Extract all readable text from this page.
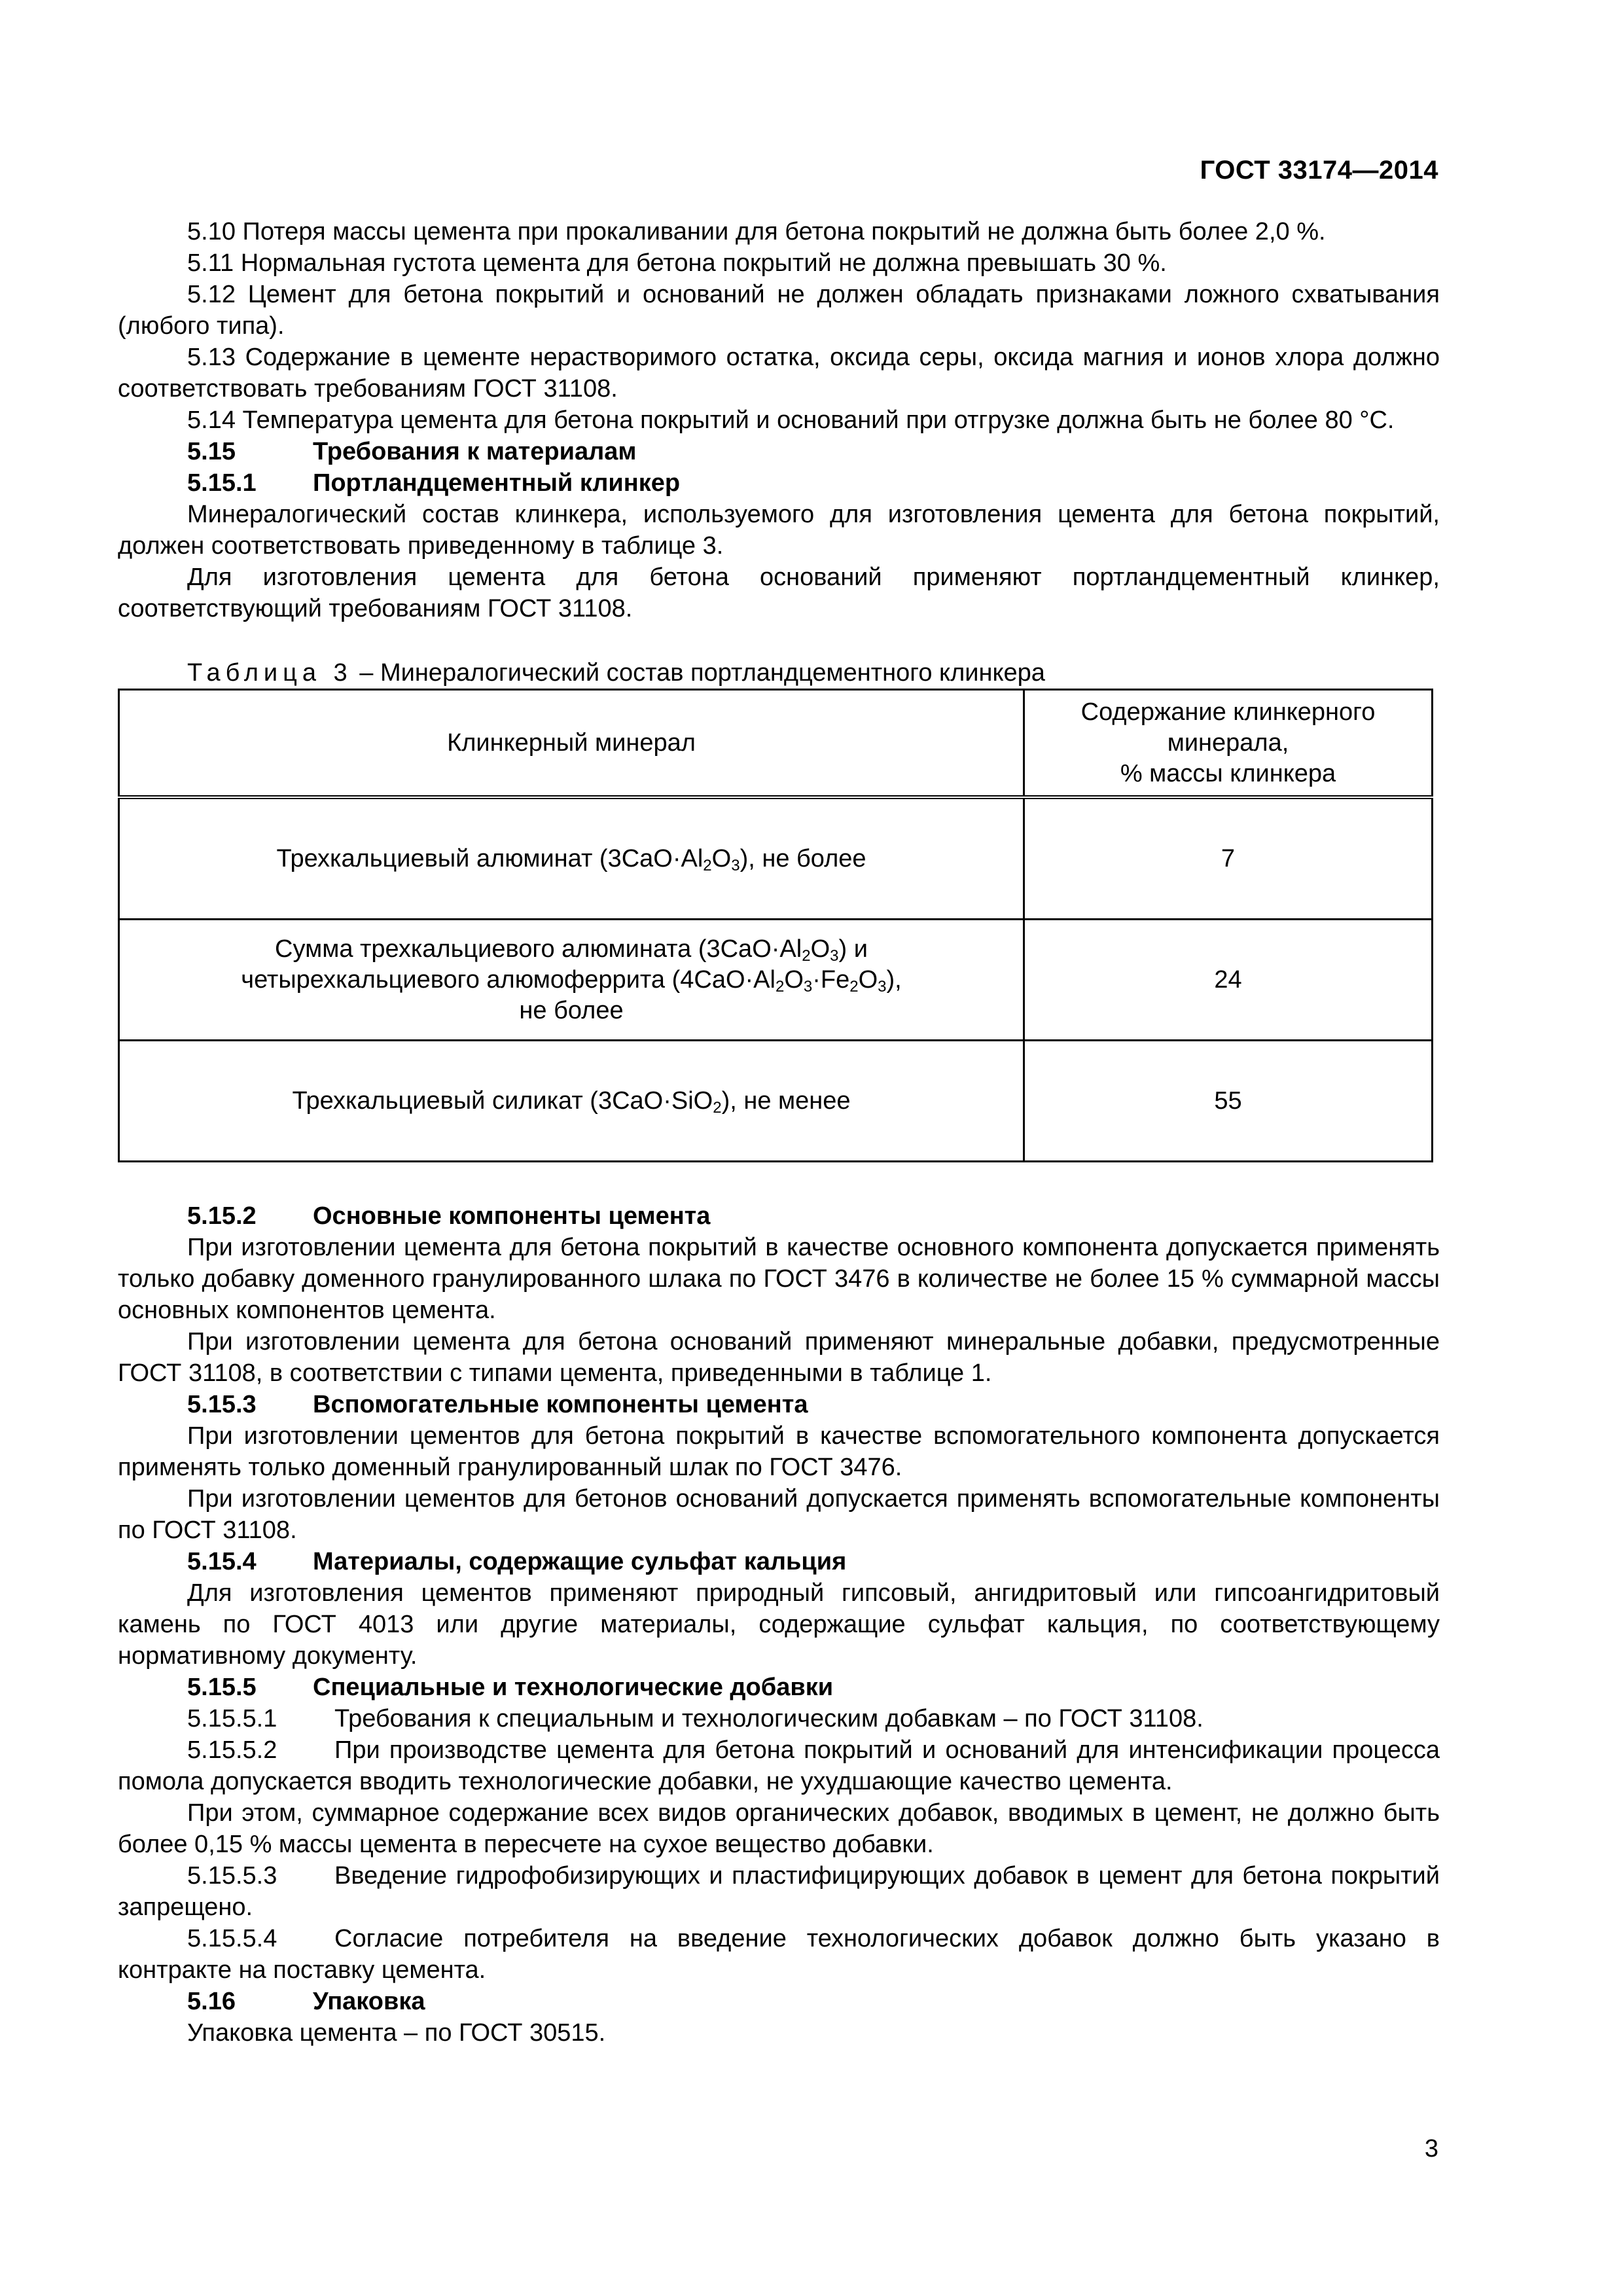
ГОСТ 33174—2014

5.10 Потеря массы цемента при прокаливании для бетона покрытий не должна быть более 2,0 %.

5.11 Нормальная густота цемента для бетона покрытий не должна превышать 30 %.

5.12 Цемент для бетона покрытий и оснований не должен обладать признаками ложного схватывания (любого типа).

5.13 Содержание в цементе нерастворимого остатка, оксида серы, оксида магния и ионов хлора должно соответствовать требованиям ГОСТ 31108.

5.14 Температура цемента для бетона покрытий и оснований при отгрузке должна быть не более 80 °С.

5.15	Требования к материалам
5.15.1	Портландцементный клинкер

Минералогический состав клинкера, используемого для изготовления цемента для бетона покрытий, должен соответствовать приведенному в таблице 3.

Для изготовления цемента для бетона оснований применяют портландцементный клинкер, соответствующий требованиям ГОСТ 31108.

Таблица 3 – Минералогический состав портландцементного клинкера

Клинкерный минерал	Содержание клинкерного
минерала,
% массы клинкера
Трехкальциевый алюминат $(3CaO\cdot Al_2O_3)$, не более	7
Сумма трехкальциевого алюмината $(3CaO\cdot Al_2O_3)$ и
четырехкальциевого алюмоферрита $(4CaO\cdot Al_2O_3\cdot Fe_2O_3)$,
не более	24
Трехкальциевый силикат (3CaO·SiO$_2$), не менее	55
5.15.2	Основные компоненты цемента

При изготовлении цемента для бетона покрытий в качестве основного компонента допускается применять только добавку доменного гранулированного шлака по ГОСТ 3476 в количестве не более 15 % суммарной массы основных компонентов цемента.

При изготовлении цемента для бетона оснований применяют минеральные добавки, предусмотренные ГОСТ 31108, в соответствии с типами цемента, приведенными в таблице 1.

5.15.3	Вспомогательные компоненты цемента

При изготовлении цементов для бетона покрытий в качестве вспомогательного компонента допускается применять только доменный гранулированный шлак по ГОСТ 3476.

При изготовлении цементов для бетонов оснований допускается применять вспомогательные компоненты по ГОСТ 31108.

5.15.4	Материалы, содержащие сульфат кальция

Для изготовления цементов применяют природный гипсовый, ангидритовый или гипсоангидритовый камень по ГОСТ 4013 или другие материалы, содержащие сульфат кальция, по соответствующему нормативному документу.

5.15.5	Специальные и технологические добавки

5.15.5.1 Требования к специальным и технологическим добавкам – по ГОСТ 31108.

5.15.5.2 При производстве цемента для бетона покрытий и оснований для интенсификации процесса помола допускается вводить технологические добавки, не ухудшающие качество цемента.

При этом, суммарное содержание всех видов органических добавок, вводимых в цемент, не должно быть более 0,15 % массы цемента в пересчете на сухое вещество добавки.

5.15.5.3 Введение гидрофобизирующих и пластифицирующих добавок в цемент для бетона покрытий запрещено.

5.15.5.4 Согласие потребителя на введение технологических добавок должно быть указано в контракте на поставку цемента.

5.16	Упаковка

Упаковка цемента – по ГОСТ 30515.

3
